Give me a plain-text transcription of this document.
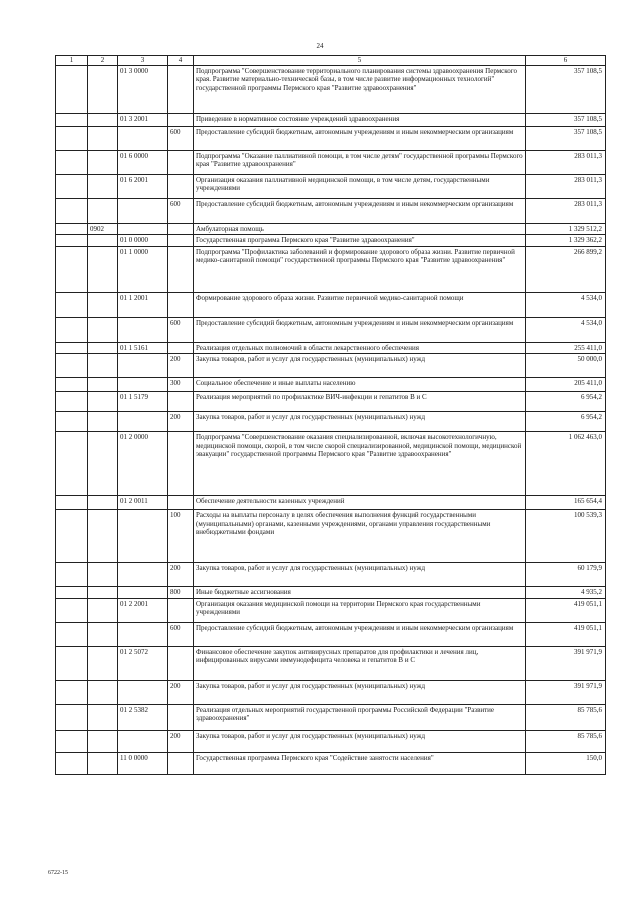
24
1	2	3	4	5	6
		01 3 0000		Подпрограмма "Совершенствование территориального планирования системы здравоохранения Пермского края. Развитие материально-технической базы, в том числе развитие информационных технологий" государственной программы Пермского края "Развитие здравоохранения"	357 108,5
		01 3 2001		Приведение в нормативное состояние учреждений здравоохранения	357 108,5
			600	Предоставление субсидий бюджетным, автономным учреждениям и иным некоммерческим организациям	357 108,5
		01 6 0000		Подпрограмма "Оказание паллиативной помощи, в том числе детям" государственной программы Пермского края "Развитие здравоохранения"	283 011,3
		01 6 2001		Организация оказания паллиативной медицинской помощи, в том числе детям, государственными учреждениями	283 011,3
			600	Предоставление субсидий бюджетным, автономным учреждениям и иным некоммерческим организациям	283 011,3
	0902			Амбулаторная помощь	1 329 512,2
		01 0 0000		Государственная программа Пермского края "Развитие здравоохранения"	1 329 362,2
		01 1 0000		Подпрограмма "Профилактика заболеваний и формирование здорового образа жизни. Развитие первичной медико-санитарной помощи" государственной программы Пермского края "Развитие здравоохранения"	266 899,2
		01 1 2001		Формирование здорового образа жизни. Развитие первичной медико-санитарной помощи	4 534,0
			600	Предоставление субсидий бюджетным, автономным учреждениям и иным некоммерческим организациям	4 534,0
		01 1 5161		Реализация отдельных полномочий в области лекарственного обеспечения	255 411,0
			200	Закупка товаров, работ и услуг для государственных (муниципальных) нужд	50 000,0
			300	Социальное обеспечение и иные выплаты населению	205 411,0
		01 1 5179		Реализация мероприятий по профилактике ВИЧ-инфекции и гепатитов В и С	6 954,2
			200	Закупка товаров, работ и услуг для государственных (муниципальных) нужд	6 954,2
		01 2 0000		Подпрограмма "Совершенствование оказания специализированной, включая высокотехнологичную, медицинской помощи, скорой, в том числе скорой специализированной, медицинской помощи, медицинской эвакуации" государственной программы Пермского края "Развитие здравоохранения"	1 062 463,0
		01 2 0011		Обеспечение деятельности казенных учреждений	165 654,4
			100	Расходы на выплаты персоналу в целях обеспечения выполнения функций государственными (муниципальными) органами, казенными учреждениями, органами управления государственными внебюджетными фондами	100 539,3
			200	Закупка товаров, работ и услуг для государственных (муниципальных) нужд	60 179,9
			800	Иные бюджетные ассигнования	4 935,2
		01 2 2001		Организация оказания медицинской помощи на территории Пермского края государственными учреждениями	419 051,1
			600	Предоставление субсидий бюджетным, автономным учреждениям и иным некоммерческим организациям	419 051,1
		01 2 5072		Финансовое обеспечение закупок антивирусных препаратов для профилактики и лечения лиц, инфицированных вирусами иммунодефицита человека и гепатитов В и С	391 971,9
			200	Закупка товаров, работ и услуг для государственных (муниципальных) нужд	391 971,9
		01 2 5382		Реализация отдельных мероприятий государственной программы Российской Федерации "Развитие здравоохранения"	85 785,6
			200	Закупка товаров, работ и услуг для государственных (муниципальных) нужд	85 785,6
		11 0 0000		Государственная программа Пермского края "Содействие занятости населения"	150,0
6722-15
